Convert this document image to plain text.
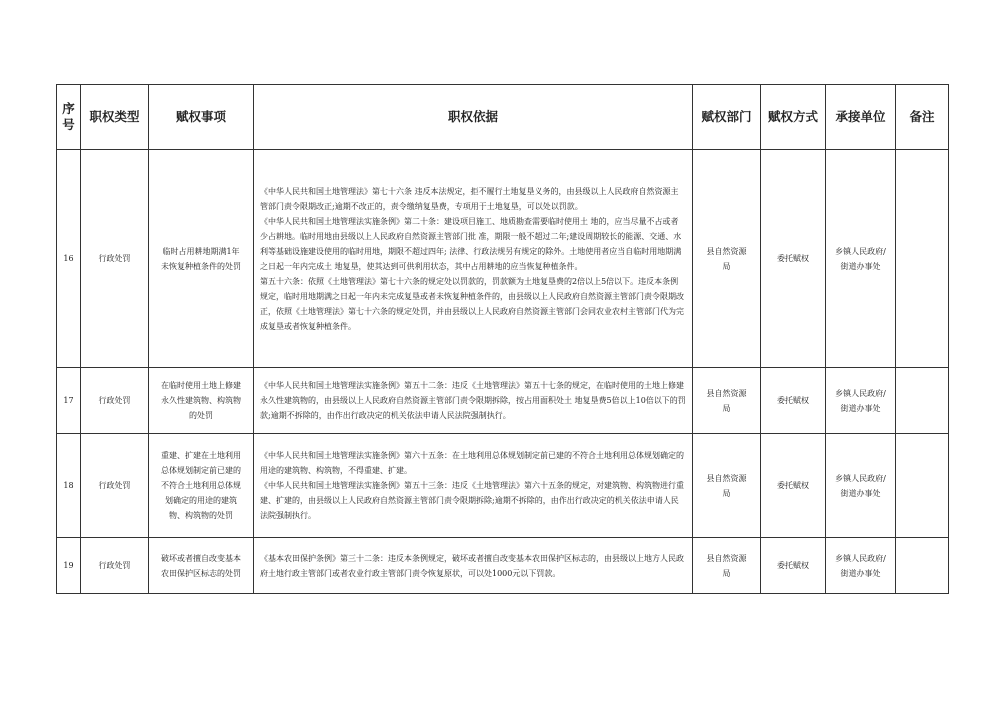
序
号	职权类型	赋权事项	职权依据	赋权部门	赋权方式	承接单位	备注
16	行政处罚	临时占用耕地期满1年未恢复种植条件的处罚	《中华人民共和国土地管理法》第七十六条 违反本法规定，拒不履行土地复垦义务的，由县级以上人民政府自然资源主管部门责令限期改正;逾期不改正的，责令缴纳复垦费，专项用于土地复垦，可以处以罚款。
《中华人民共和国土地管理法实施条例》第二十条：建设项目施工、地质勘查需要临时使用土 地的，应当尽量不占或者少占耕地。临时用地由县级以上人民政府自然资源主管部门批 准，期限一般不超过二年;建设周期较长的能源、交通、水利等基础设施建设使用的临时用地，期限不超过四年; 法律、行政法规另有规定的除外。土地使用者应当自临时用地期满之日起一年内完成土 地复垦，使其达到可供利用状态，其中占用耕地的应当恢复种植条件。
第五十六条：依照《土地管理法》第七十六条的规定处以罚款的，罚款额为土地复垦费的2倍以上5倍以下。违反本条例规定，临时用地期满之日起一年内未完成复垦或者未恢复种植条件的，由县级以上人民政府自然资源主管部门责令限期改正，依照《土地管理法》第七十六条的规定处罚，并由县级以上人民政府自然资源主管部门会同农业农村主管部门代为完成复垦或者恢复种植条件。	县自然资源局	委托赋权	乡镇人民政府/街道办事处	
17	行政处罚	在临时使用土地上修建永久性建筑物、构筑物的处罚	《中华人民共和国土地管理法实施条例》第五十二条：违反《土地管理法》第五十七条的规定，在临时使用的土地上修建永久性建筑物的，由县级以上人民政府自然资源主管部门责令限期拆除，按占用面积处土 地复垦费5倍以上10倍以下的罚款;逾期不拆除的，由作出行政决定的机关依法申请人民法院强制执行。	县自然资源局	委托赋权	乡镇人民政府/街道办事处	
18	行政处罚	重建、扩建在土地利用总体规划制定前已建的不符合土地利用总体规划确定的用途的建筑物、构筑物的处罚	《中华人民共和国土地管理法实施条例》第六十五条：在土地利用总体规划制定前已建的不符合土地利用总体规划确定的用途的建筑物、构筑物，不得重建、扩建。
《中华人民共和国土地管理法实施条例》第五十三条：违反《土地管理法》第六十五条的规定，对建筑物、构筑物进行重建、扩建的，由县级以上人民政府自然资源主管部门责令限期拆除;逾期不拆除的，由作出行政决定的机关依法申请人民法院强制执行。	县自然资源局	委托赋权	乡镇人民政府/街道办事处	
19	行政处罚	破坏或者擅自改变基本农田保护区标志的处罚	《基本农田保护条例》第三十二条：违反本条例规定，破坏或者擅自改变基本农田保护区标志的，由县级以上地方人民政府土地行政主管部门或者农业行政主管部门责令恢复原状，可以处1000元以下罚款。	县自然资源局	委托赋权	乡镇人民政府/街道办事处	
